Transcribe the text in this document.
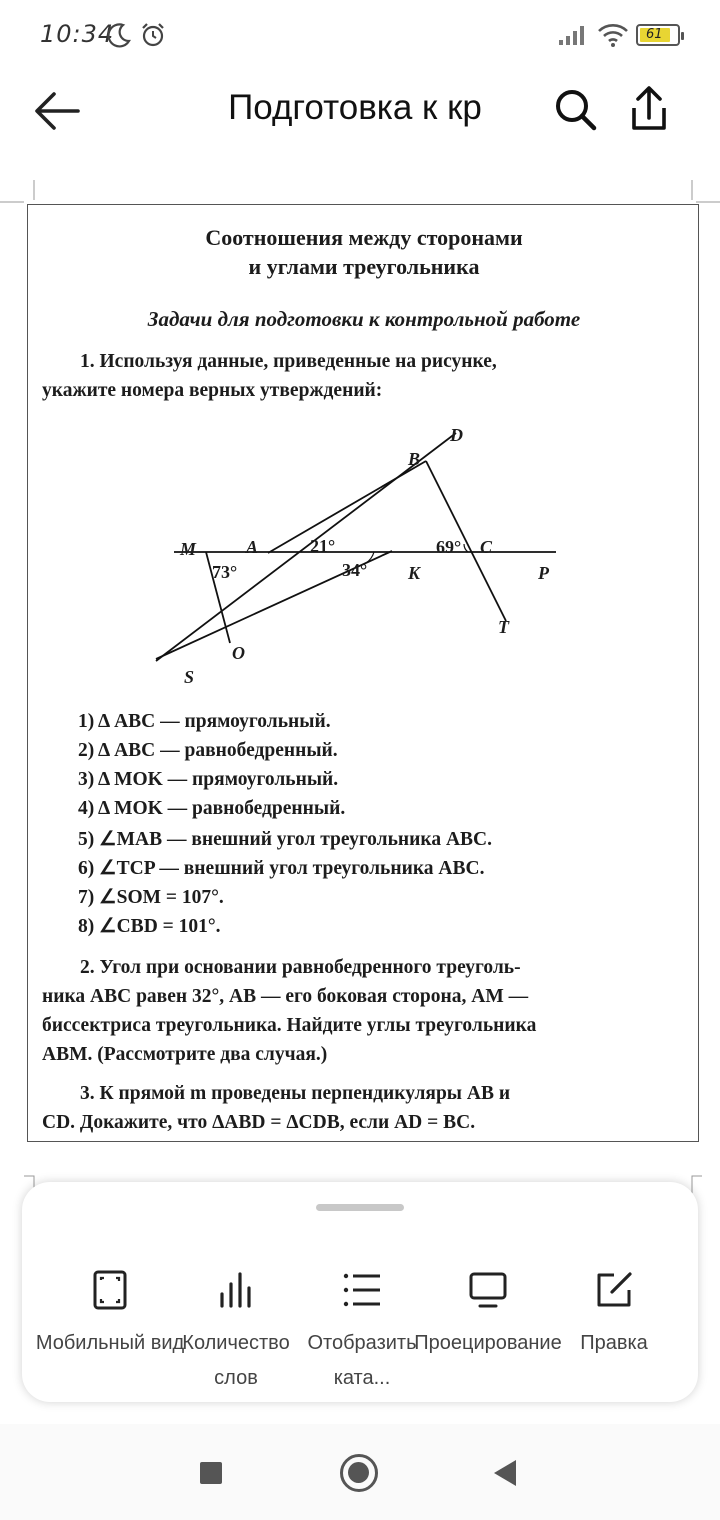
10:34	61
Подготовка к кр
Соотношения между сторонами
и углами треугольника
Задачи для подготовки к контрольной работе
1. Используя данные, приведенные на рисунке,
укажите номера верных утверждений:
D
B
M	A	21°	69° C
73°	34° K	P
T
O
S
1) Δ ABC — прямоугольный.
2) Δ ABC — равнобедренный.
3) Δ MOK — прямоугольный.
4) Δ MOK — равнобедренный.
5) ∠MAB — внешний угол треугольника ABC.
6) ∠TCP — внешний угол треугольника ABC.
7) ∠SOM = 107°.
8) ∠CBD = 101°.
2. Угол при основании равнобедренного треуголь-
ника ABC равен 32°, AB — его боковая сторона, AM —
биссектриса треугольника. Найдите углы треугольника
ABM. (Рассмотрите два случая.)
3. К прямой m проведены перпендикуляры AB и
CD. Докажите, что ΔABD = ΔCDB, если AD = BC.
Мобильный вид
Количество слов
Отобразить ката...
Проецирование Правка
